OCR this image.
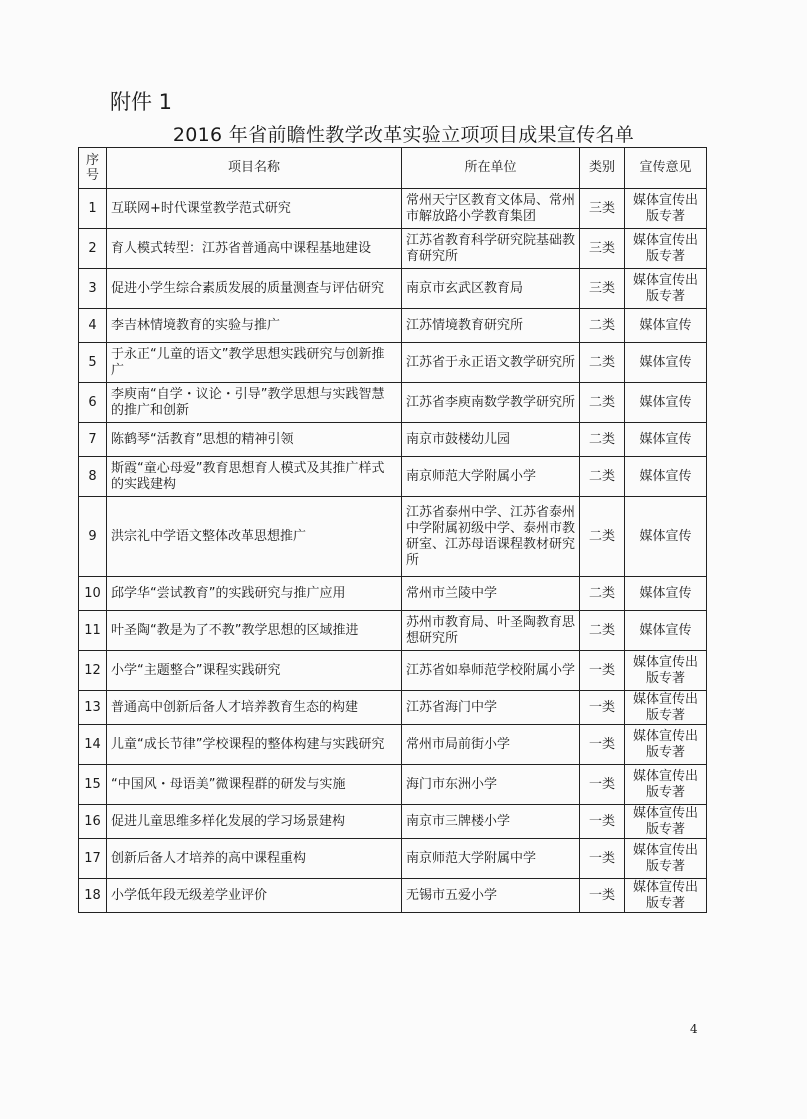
附件 1
2016 年省前瞻性教学改革实验立项项目成果宣传名单
序
号	项目名称	所在单位	类别	宣传意见
1	互联网+时代课堂教学范式研究	常州天宁区教育文体局、常州市解放路小学教育集团	三类	媒体宣传出版专著
2	育人模式转型：江苏省普通高中课程基地建设	江苏省教育科学研究院基础教育研究所	三类	媒体宣传出版专著
3	促进小学生综合素质发展的质量测查与评估研究	南京市玄武区教育局	三类	媒体宣传出版专著
4	李吉林情境教育的实验与推广	江苏情境教育研究所	二类	媒体宣传
5	于永正“儿童的语文”教学思想实践研究与创新推广	江苏省于永正语文教学研究所	二类	媒体宣传
6	李庾南“自学・议论・引导”教学思想与实践智慧的推广和创新	江苏省李庾南数学教学研究所	二类	媒体宣传
7	陈鹤琴“活教育”思想的精神引领	南京市鼓楼幼儿园	二类	媒体宣传
8	斯霞“童心母爱”教育思想育人模式及其推广样式的实践建构	南京师范大学附属小学	二类	媒体宣传
9	洪宗礼中学语文整体改革思想推广	江苏省泰州中学、江苏省泰州中学附属初级中学、泰州市教研室、江苏母语课程教材研究所	二类	媒体宣传
10	邱学华“尝试教育”的实践研究与推广应用	常州市兰陵中学	二类	媒体宣传
11	叶圣陶“教是为了不教”教学思想的区域推进	苏州市教育局、叶圣陶教育思想研究所	二类	媒体宣传
12	小学“主题整合”课程实践研究	江苏省如皋师范学校附属小学	一类	媒体宣传出版专著
13	普通高中创新后备人才培养教育生态的构建	江苏省海门中学	一类	媒体宣传出版专著
14	儿童“成长节律”学校课程的整体构建与实践研究	常州市局前街小学	一类	媒体宣传出版专著
15	“中国风・母语美”微课程群的研发与实施	海门市东洲小学	一类	媒体宣传出版专著
16	促进儿童思维多样化发展的学习场景建构	南京市三牌楼小学	一类	媒体宣传出版专著
17	创新后备人才培养的高中课程重构	南京师范大学附属中学	一类	媒体宣传出版专著
18	小学低年段无级差学业评价	无锡市五爱小学	一类	媒体宣传出版专著
4
